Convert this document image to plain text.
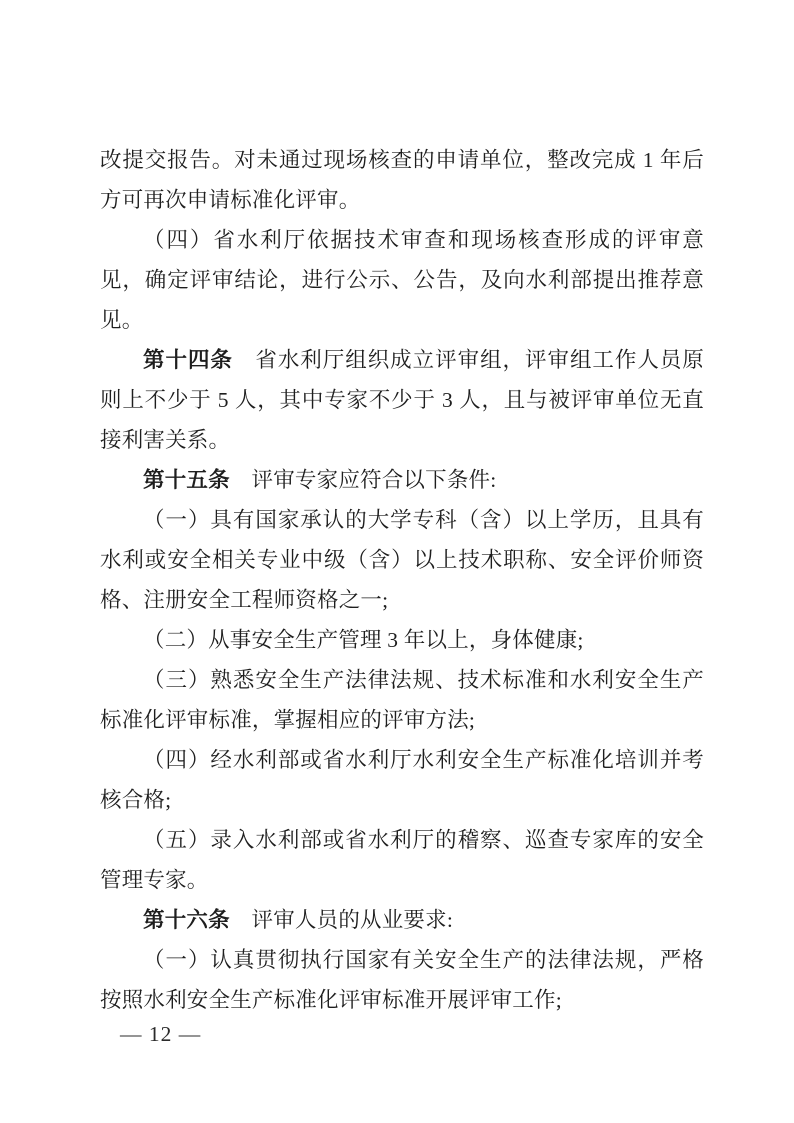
改提交报告。对未通过现场核查的申请单位，整改完成 1 年后方可再次申请标准化评审。

（四）省水利厅依据技术审查和现场核查形成的评审意见，确定评审结论，进行公示、公告，及向水利部提出推荐意见。

第十四条　省水利厅组织成立评审组，评审组工作人员原则上不少于 5 人，其中专家不少于 3 人，且与被评审单位无直接利害关系。

第十五条　评审专家应符合以下条件:

（一）具有国家承认的大学专科（含）以上学历，且具有水利或安全相关专业中级（含）以上技术职称、安全评价师资格、注册安全工程师资格之一;

（二）从事安全生产管理 3 年以上，身体健康;

（三）熟悉安全生产法律法规、技术标准和水利安全生产标准化评审标准，掌握相应的评审方法;

（四）经水利部或省水利厅水利安全生产标准化培训并考核合格;

（五）录入水利部或省水利厅的稽察、巡查专家库的安全管理专家。

第十六条　评审人员的从业要求:

（一）认真贯彻执行国家有关安全生产的法律法规，严格按照水利安全生产标准化评审标准开展评审工作;

— 12 —
